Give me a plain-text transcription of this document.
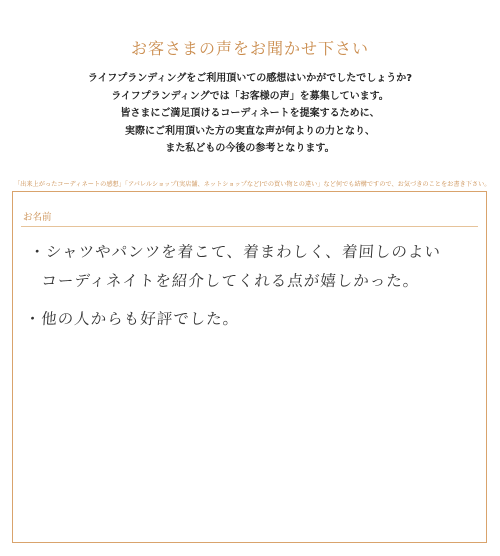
お客さまの声をお聞かせ下さい
ライフプランディングをご利用頂いての感想はいかがでしたでしょうか?
ライフプランディングでは「お客様の声」を募集しています。
皆さまにご満足頂けるコーディネートを提案するために、
実際にご利用頂いた方の実直な声が何よりの力となり、
また私どもの今後の参考となります。
「出来上がったコーディネートの感想」「アパレルショップ(実店舗、ネットショップなど)での買い物との違い」など何でも結構ですので、お気づきのことをお書き下さい。
お名前
・シャツやパンツを着こて、着まわしく、着回しのよい
コーディネイトを紹介してくれる点が嬉しかった。
・他の人からも好評でした。
